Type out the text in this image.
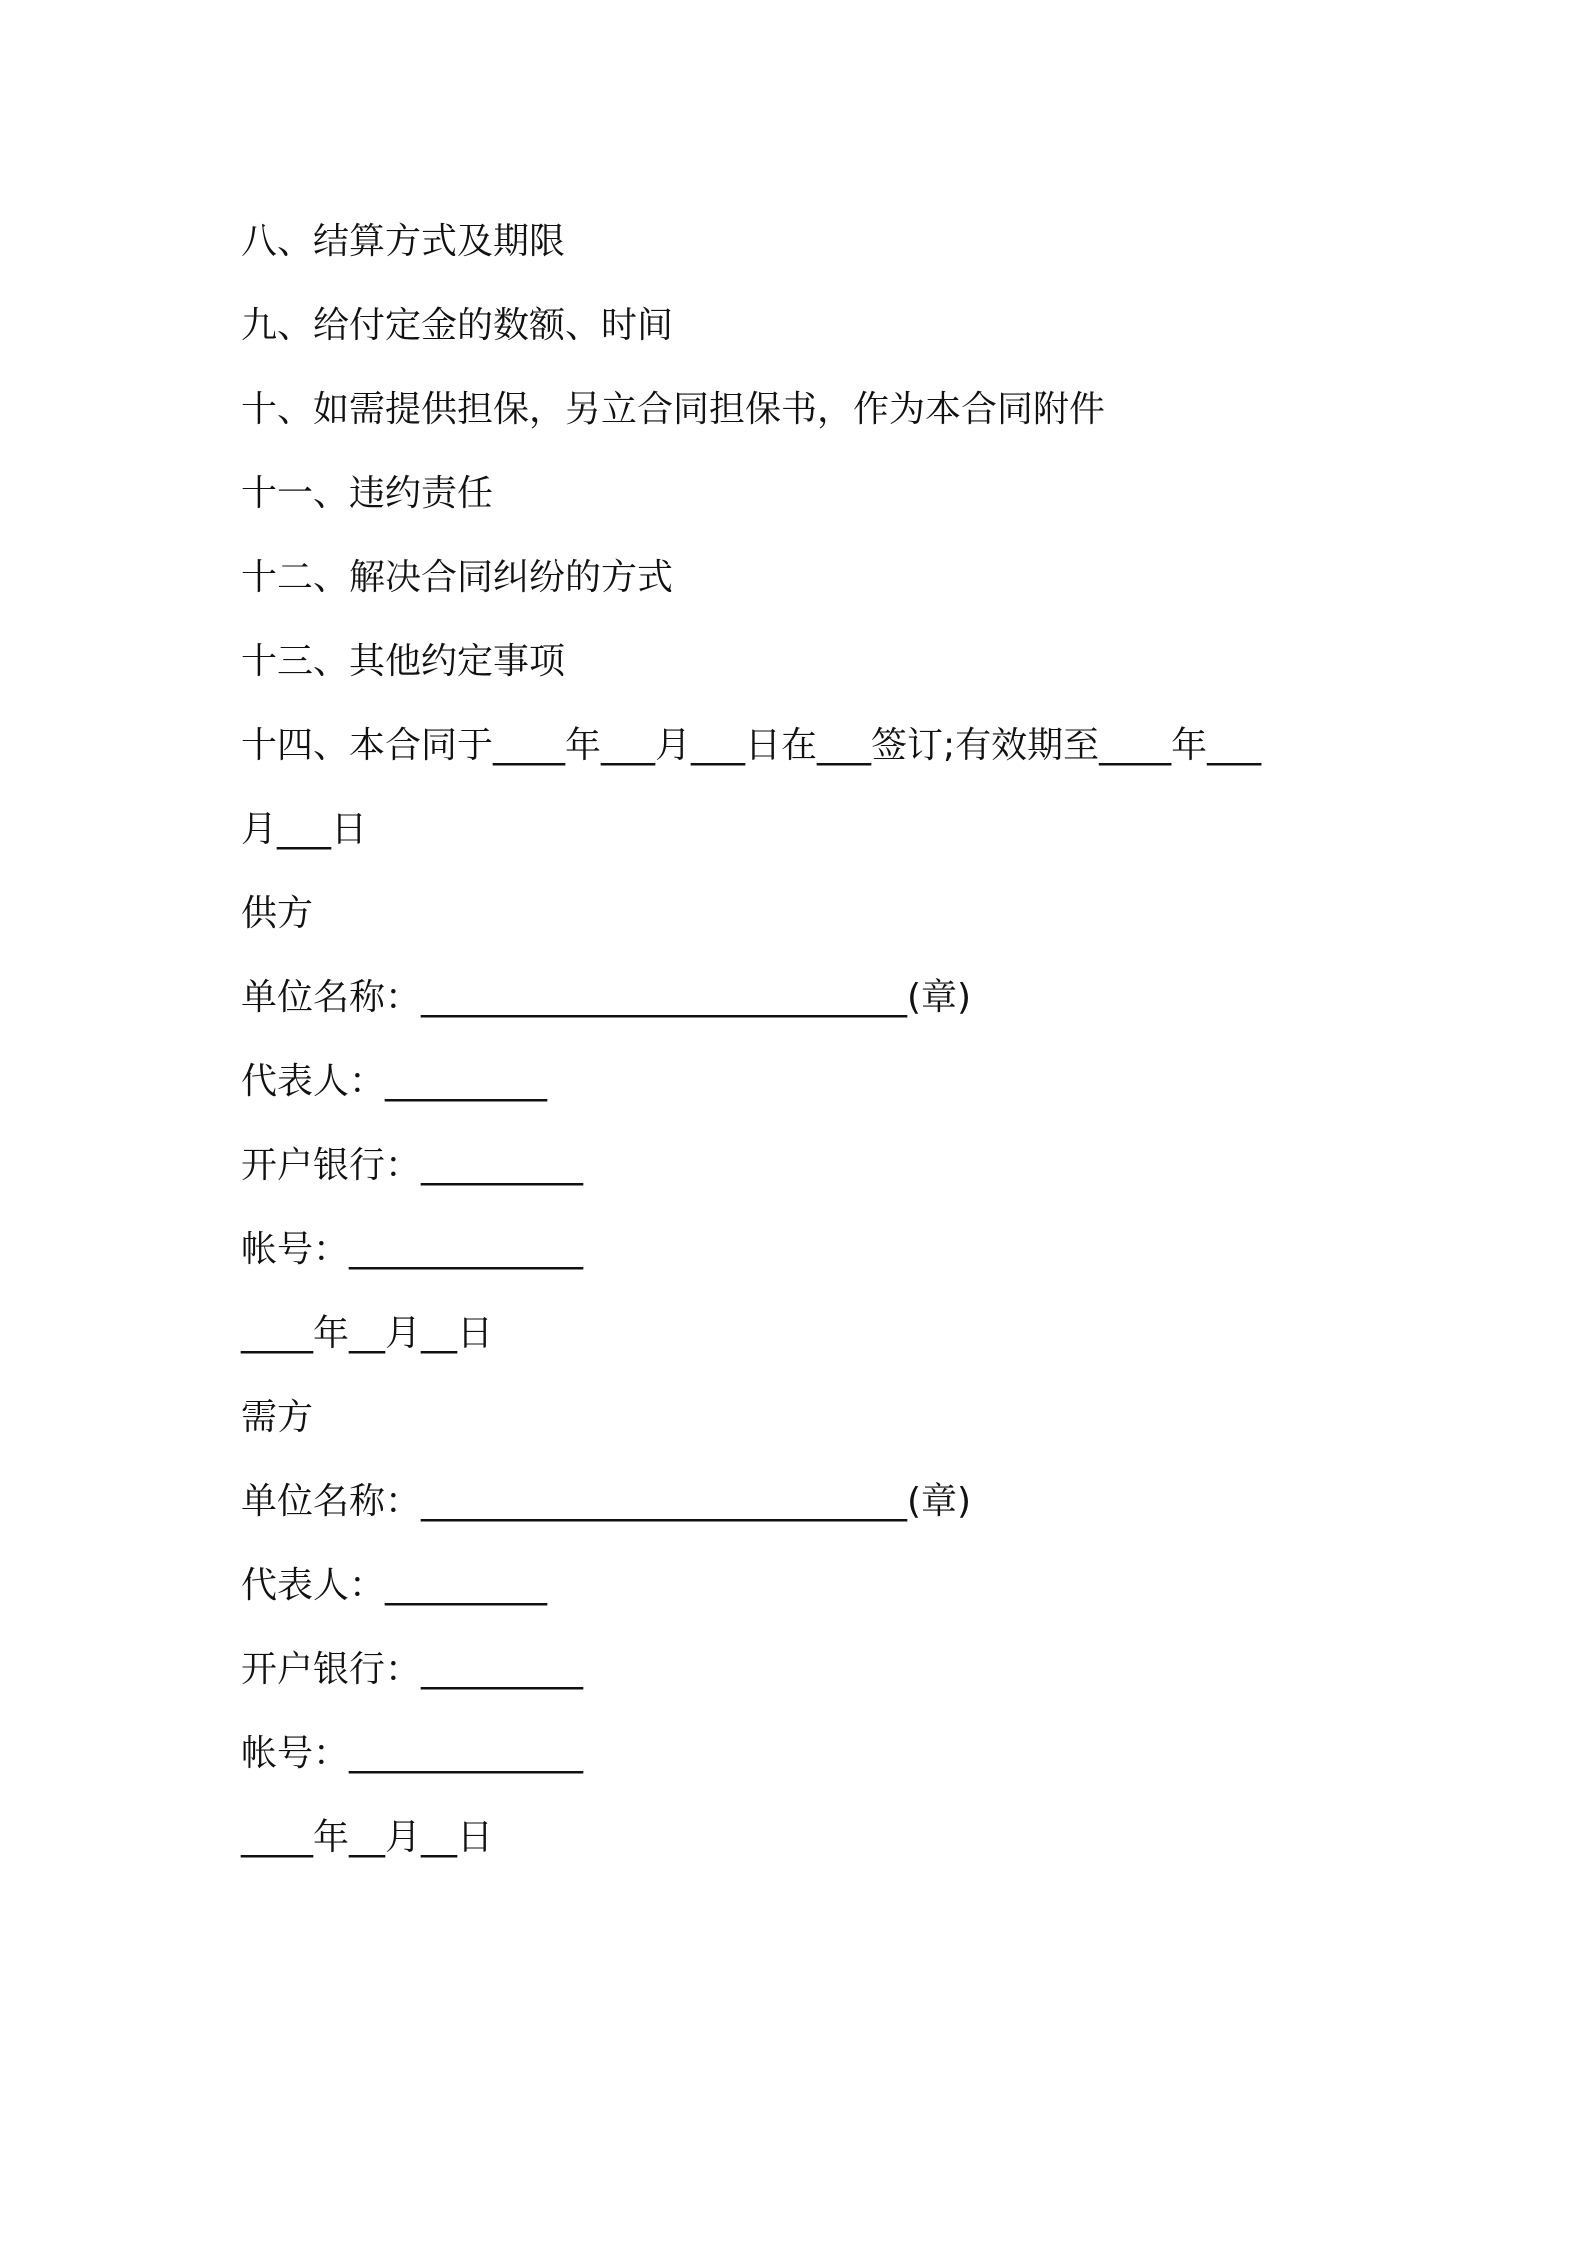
八、结算方式及期限
九、给付定金的数额、时间
十、如需提供担保，另立合同担保书，作为本合同附件
十一、违约责任
十二、解决合同纠纷的方式
十三、其他约定事项
十四、本合同于____年___月___日在___签订;有效期至____年___
月___日
供方
单位名称：___________________________(章)
代表人：_________
开户银行：_________
帐号：_____________
____年__月__日
需方
单位名称：___________________________(章)
代表人：_________
开户银行：_________
帐号：_____________
____年__月__日
